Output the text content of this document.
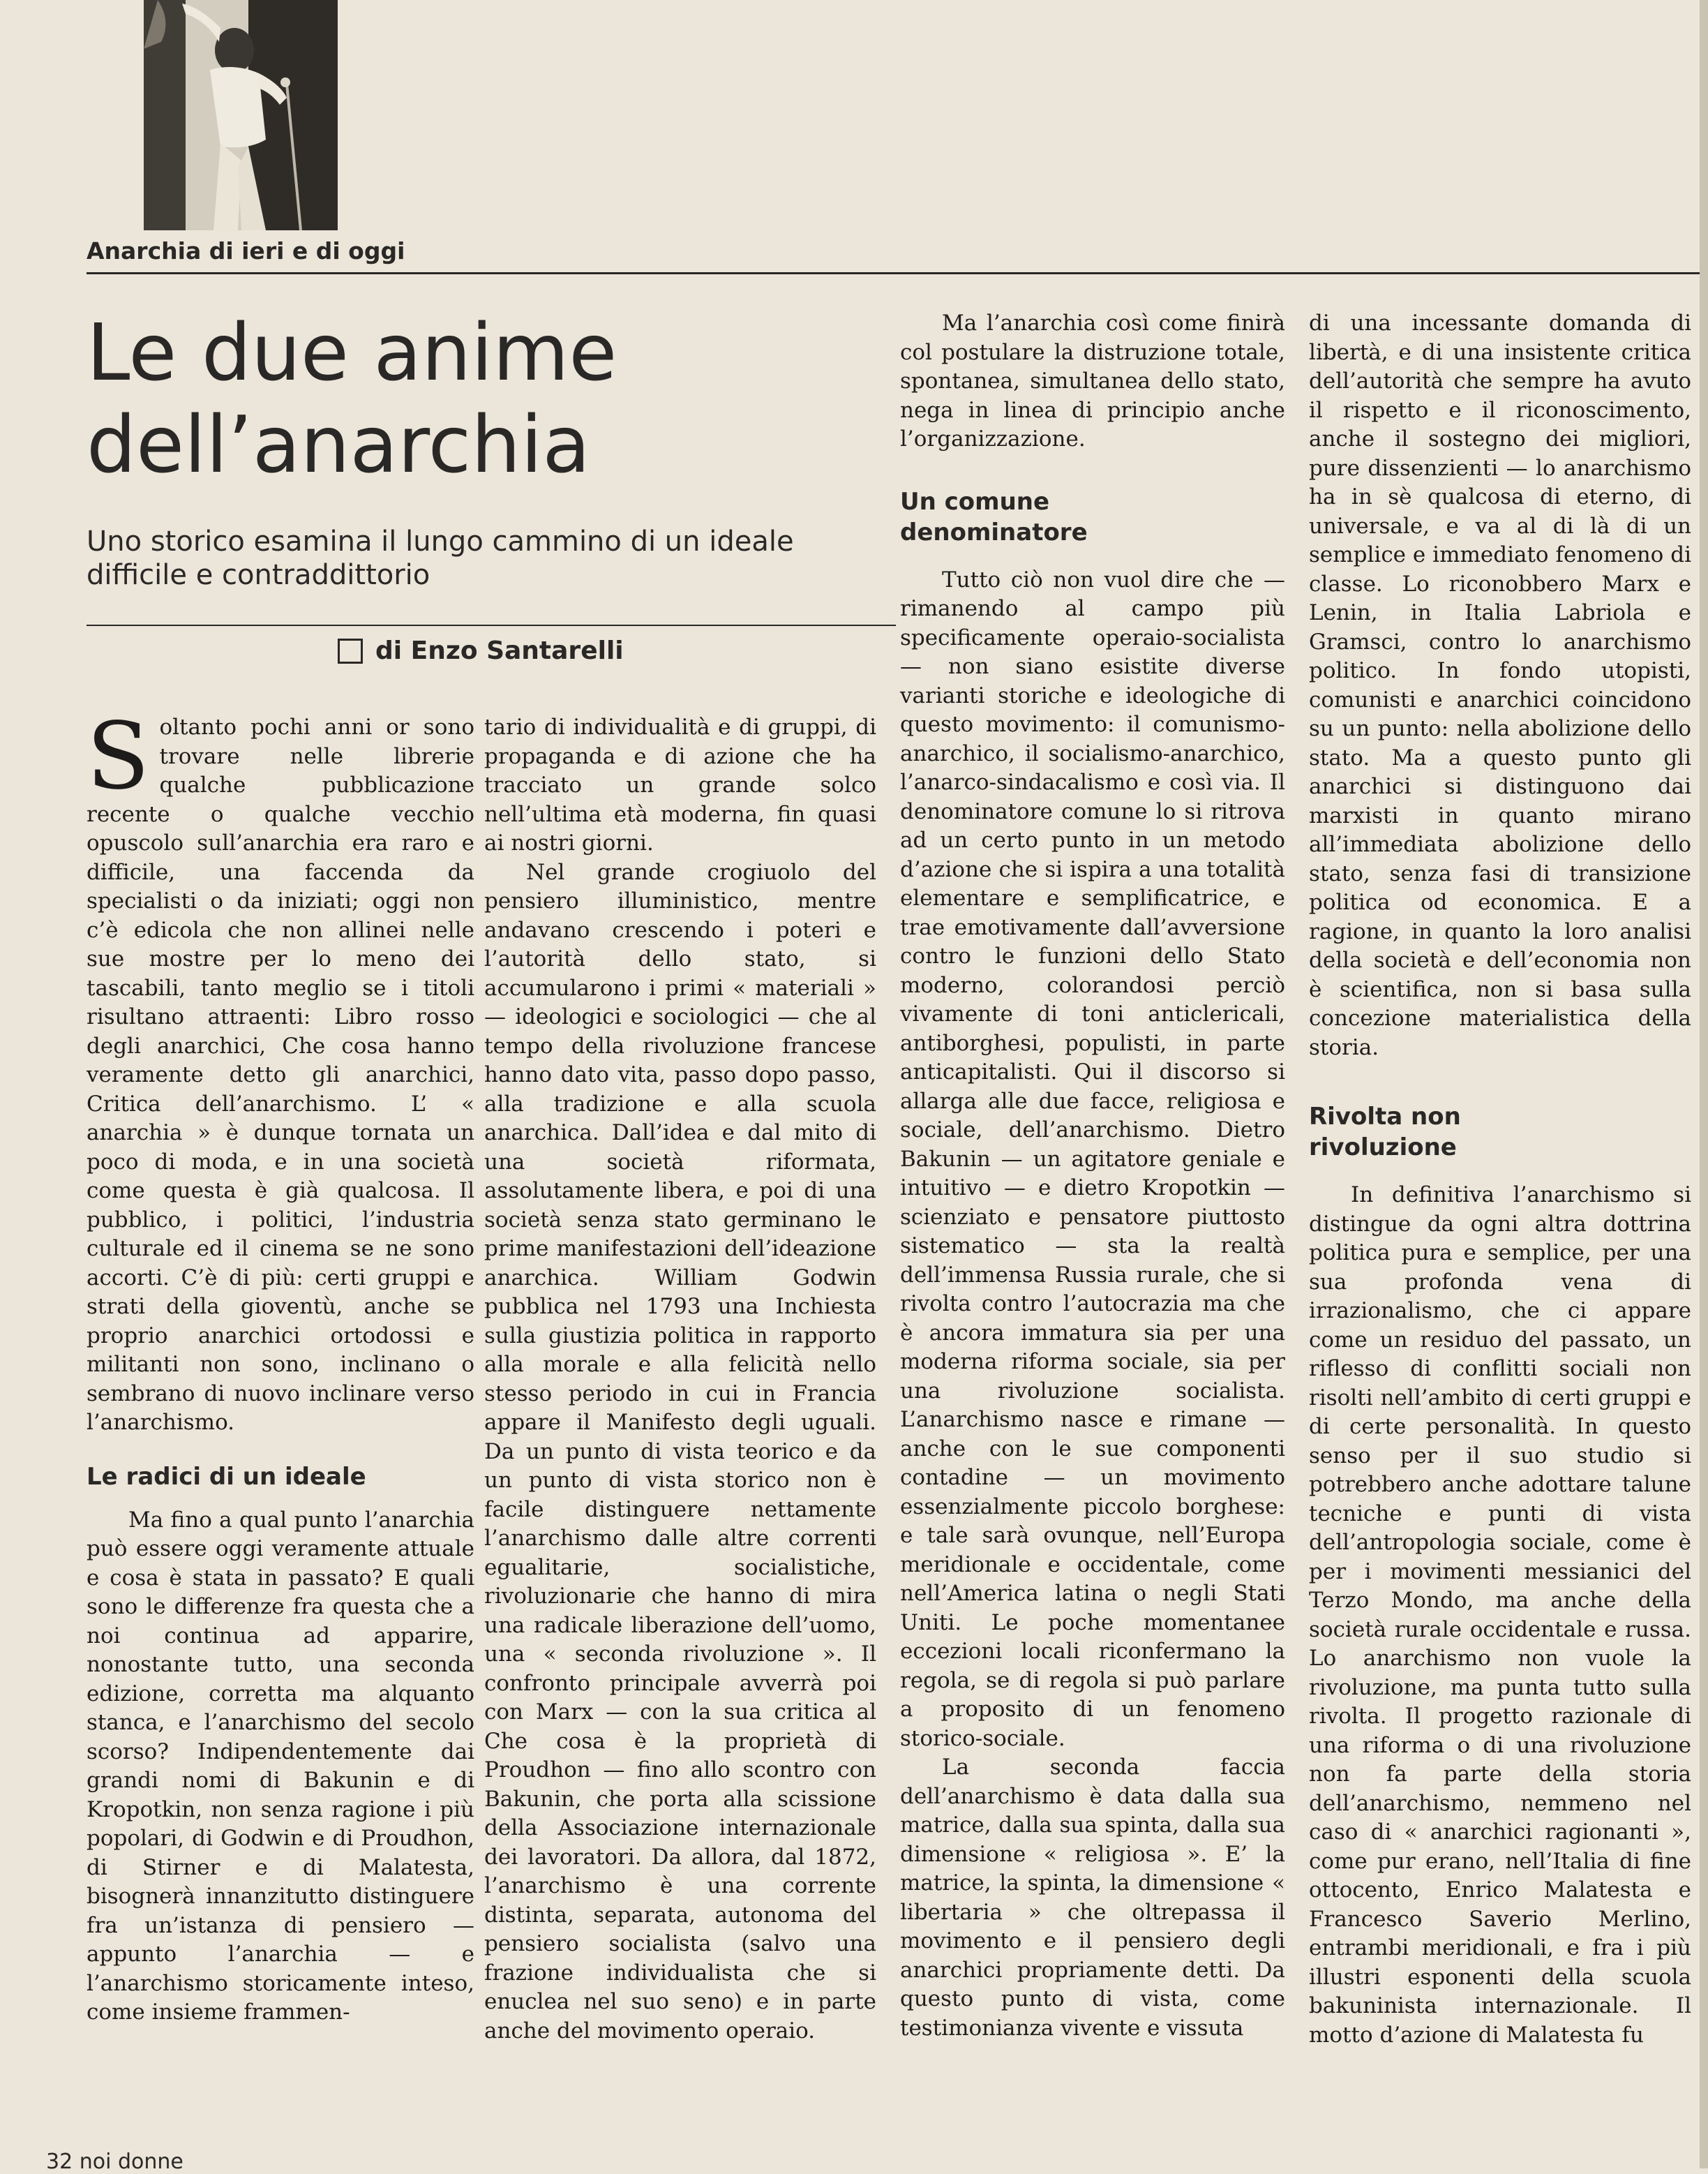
Anarchia di ieri e di oggi
Le due anime dell’anarchia

Uno storico esamina il lungo cammino di un ideale difficile e contraddittorio

di Enzo Santarelli

Soltanto pochi anni or sono trovare nelle librerie qualche pubblicazione recente o qualche vecchio opuscolo sull’anarchia era raro e difficile, una faccenda da specialisti o da iniziati; oggi non c’è edicola che non allinei nelle sue mostre per lo meno dei tascabili, tanto meglio se i titoli risultano attraenti: Libro rosso degli anarchici, Che cosa hanno veramente detto gli anarchici, Critica dell’anarchismo. L’ « anarchia » è dunque tornata un poco di moda, e in una società come questa è già qualcosa. Il pubblico, i politici, l’industria culturale ed il cinema se ne sono accorti. C’è di più: certi gruppi e strati della gioventù, anche se proprio anarchici ortodossi e militanti non sono, inclinano o sembrano di nuovo inclinare verso l’anarchismo.

Le radici di un ideale

Ma fino a qual punto l’anarchia può essere oggi veramente attuale e cosa è stata in passato? E quali sono le differenze fra questa che a noi continua ad apparire, nonostante tutto, una seconda edizione, corretta ma alquanto stanca, e l’anarchismo del secolo scorso? Indipendentemente dai grandi nomi di Bakunin e di Kropotkin, non senza ragione i più popolari, di Godwin e di Proudhon, di Stirner e di Malatesta, bisognerà innanzitutto distinguere fra un’istanza di pensiero — appunto l’anarchia — e l’anarchismo storicamente inteso, come insieme frammen-

tario di individualità e di gruppi, di propaganda e di azione che ha tracciato un grande solco nell’ultima età moderna, fin quasi ai nostri giorni.

Nel grande crogiuolo del pensiero illuministico, mentre andavano crescendo i poteri e l’autorità dello stato, si accumularono i primi « materiali » — ideologici e sociologici — che al tempo della rivoluzione francese hanno dato vita, passo dopo passo, alla tradizione e alla scuola anarchica. Dall’idea e dal mito di una società riformata, assolutamente libera, e poi di una società senza stato germinano le prime manifestazioni dell’ideazione anarchica. William Godwin pubblica nel 1793 una Inchiesta sulla giustizia politica in rapporto alla morale e alla felicità nello stesso periodo in cui in Francia appare il Manifesto degli uguali. Da un punto di vista teorico e da un punto di vista storico non è facile distinguere nettamente l’anarchismo dalle altre correnti egualitarie, socialistiche, rivoluzionarie che hanno di mira una radicale liberazione dell’uomo, una « seconda rivoluzione ». Il confronto principale avverrà poi con Marx — con la sua critica al Che cosa è la proprietà di Proudhon — fino allo scontro con Bakunin, che porta alla scissione della Associazione internazionale dei lavoratori. Da allora, dal 1872, l’anarchismo è una corrente distinta, separata, autonoma del pensiero socialista (salvo una frazione individualista che si enuclea nel suo seno) e in parte anche del movimento operaio.

Ma l’anarchia così come finirà col postulare la distruzione totale, spontanea, simultanea dello stato, nega in linea di principio anche l’organizzazione.

Un comune denominatore

Tutto ciò non vuol dire che — rimanendo al campo più specificamente operaio-socialista — non siano esistite diverse varianti storiche e ideologiche di questo movimento: il comunismo-anarchico, il socialismo-anarchico, l’anarco-sindacalismo e così via. Il denominatore comune lo si ritrova ad un certo punto in un metodo d’azione che si ispira a una totalità elementare e semplificatrice, e trae emotivamente dall’avversione contro le funzioni dello Stato moderno, colorandosi perciò vivamente di toni anticlericali, antiborghesi, populisti, in parte anticapitalisti. Qui il discorso si allarga alle due facce, religiosa e sociale, dell’anarchismo. Dietro Bakunin — un agitatore geniale e intuitivo — e dietro Kropotkin — scienziato e pensatore piuttosto sistematico — sta la realtà dell’immensa Russia rurale, che si rivolta contro l’autocrazia ma che è ancora immatura sia per una moderna riforma sociale, sia per una rivoluzione socialista. L’anarchismo nasce e rimane — anche con le sue componenti contadine — un movimento essenzialmente piccolo borghese: e tale sarà ovunque, nell’Europa meridionale e occidentale, come nell’America latina o negli Stati Uniti. Le poche momentanee eccezioni locali riconfermano la regola, se di regola si può parlare a proposito di un fenomeno storico-sociale.

La seconda faccia dell’anarchismo è data dalla sua matrice, dalla sua spinta, dalla sua dimensione « religiosa ». E’ la matrice, la spinta, la dimensione « libertaria » che oltrepassa il movimento e il pensiero degli anarchici propriamente detti. Da questo punto di vista, come testimonianza vivente e vissuta

di una incessante domanda di libertà, e di una insistente critica dell’autorità che sempre ha avuto il rispetto e il riconoscimento, anche il sostegno dei migliori, pure dissenzienti — lo anarchismo ha in sè qualcosa di eterno, di universale, e va al di là di un semplice e immediato fenomeno di classe. Lo riconobbero Marx e Lenin, in Italia Labriola e Gramsci, contro lo anarchismo politico. In fondo utopisti, comunisti e anarchici coincidono su un punto: nella abolizione dello stato. Ma a questo punto gli anarchici si distinguono dai marxisti in quanto mirano all’immediata abolizione dello stato, senza fasi di transizione politica od economica. E a ragione, in quanto la loro analisi della società e dell’economia non è scientifica, non si basa sulla concezione materialistica della storia.

Rivolta non rivoluzione

In definitiva l’anarchismo si distingue da ogni altra dottrina politica pura e semplice, per una sua profonda vena di irrazionalismo, che ci appare come un residuo del passato, un riflesso di conflitti sociali non risolti nell’ambito di certi gruppi e di certe personalità. In questo senso per il suo studio si potrebbero anche adottare talune tecniche e punti di vista dell’antropologia sociale, come è per i movimenti messianici del Terzo Mondo, ma anche della società rurale occidentale e russa. Lo anarchismo non vuole la rivoluzione, ma punta tutto sulla rivolta. Il progetto razionale di una riforma o di una rivoluzione non fa parte della storia dell’anarchismo, nemmeno nel caso di « anarchici ragionanti », come pur erano, nell’Italia di fine ottocento, Enrico Malatesta e Francesco Saverio Merlino, entrambi meridionali, e fra i più illustri esponenti della scuola bakuninista internazionale. Il motto d’azione di Malatesta fu

32 noi donne
